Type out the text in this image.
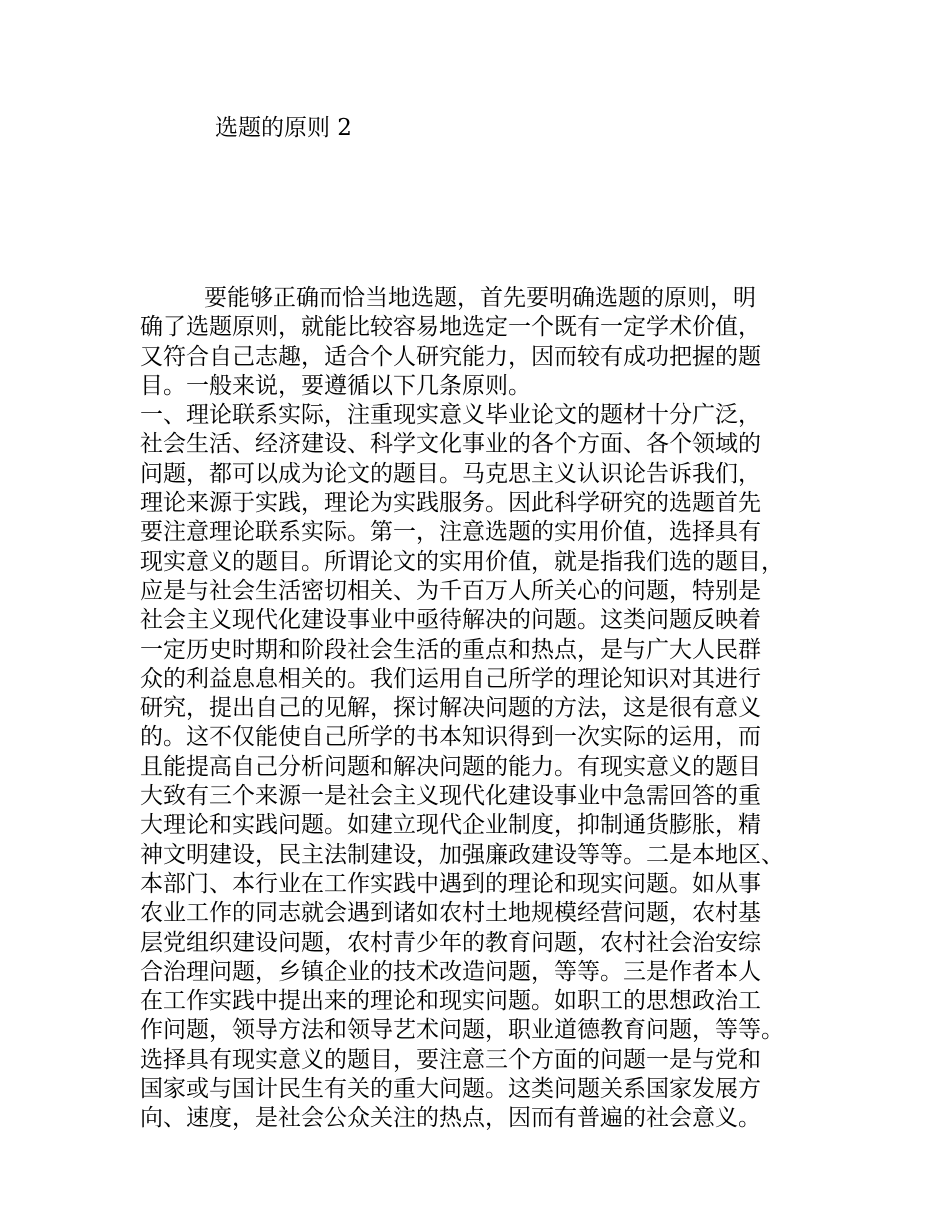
选题的原则 2
要能够正确而恰当地选题，首先要明确选题的原则，明
确了选题原则，就能比较容易地选定一个既有一定学术价值，
又符合自己志趣，适合个人研究能力，因而较有成功把握的题
目。一般来说，要遵循以下几条原则。
一、理论联系实际，注重现实意义毕业论文的题材十分广泛，
社会生活、经济建设、科学文化事业的各个方面、各个领域的
问题，都可以成为论文的题目。马克思主义认识论告诉我们，
理论来源于实践，理论为实践服务。因此科学研究的选题首先
要注意理论联系实际。第一，注意选题的实用价值，选择具有
现实意义的题目。所谓论文的实用价值，就是指我们选的题目，
应是与社会生活密切相关、为千百万人所关心的问题，特别是
社会主义现代化建设事业中亟待解决的问题。这类问题反映着
一定历史时期和阶段社会生活的重点和热点，是与广大人民群
众的利益息息相关的。我们运用自己所学的理论知识对其进行
研究，提出自己的见解，探讨解决问题的方法，这是很有意义
的。这不仅能使自己所学的书本知识得到一次实际的运用，而
且能提高自己分析问题和解决问题的能力。有现实意义的题目
大致有三个来源一是社会主义现代化建设事业中急需回答的重
大理论和实践问题。如建立现代企业制度，抑制通货膨胀，精
神文明建设，民主法制建设，加强廉政建设等等。二是本地区、
本部门、本行业在工作实践中遇到的理论和现实问题。如从事
农业工作的同志就会遇到诸如农村土地规模经营问题，农村基
层党组织建设问题，农村青少年的教育问题，农村社会治安综
合治理问题，乡镇企业的技术改造问题，等等。三是作者本人
在工作实践中提出来的理论和现实问题。如职工的思想政治工
作问题，领导方法和领导艺术问题，职业道德教育问题，等等。
选择具有现实意义的题目，要注意三个方面的问题一是与党和
国家或与国计民生有关的重大问题。这类问题关系国家发展方
向、速度，是社会公众关注的热点，因而有普遍的社会意义。
